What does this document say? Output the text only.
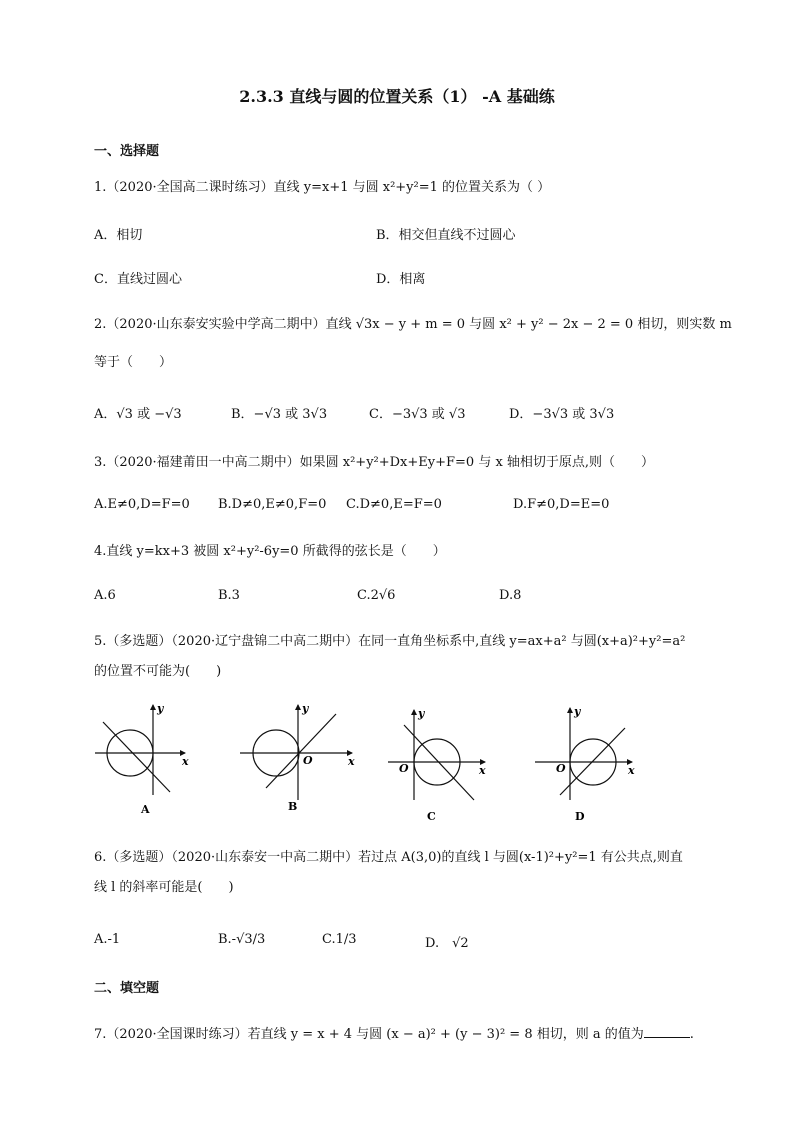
2.3.3 直线与圆的位置关系（1） -A 基础练
一、选择题
1.（2020·全国高二课时练习）直线 y=x+1 与圆 x²+y²=1 的位置关系为（ ）
A．相切	B．相交但直线不过圆心
C．直线过圆心	D．相离
2.（2020·山东泰安实验中学高二期中）直线 √3x − y + m = 0 与圆 x² + y² − 2x − 2 = 0 相切，则实数 m
等于（　　）
A．√3 或 −√3	B．−√3 或 3√3	C．−3√3 或 √3	D．−3√3 或 3√3
3.（2020·福建莆田一中高二期中）如果圆 x²+y²+Dx+Ey+F=0 与 x 轴相切于原点,则（　　）
A.E≠0,D=F=0 B.D≠0,E≠0,F=0 C.D≠0,E=F=0	D.F≠0,D=E=0
4.直线 y=kx+3 被圆 x²+y²-6y=0 所截得的弦长是（　　）
A.6	B.3	C.2√6	D.8
5.（多选题）（2020·辽宁盘锦二中高二期中）在同一直角坐标系中,直线 y=ax+a² 与圆(x+a)²+y²=a²
的位置不可能为(　　)
x
y
A
x
y
O
B
x
y
O
C
x
y
O
D
6.（多选题）（2020·山东泰安一中高二期中）若过点 A(3,0)的直线 l 与圆(x-1)²+y²=1 有公共点,则直
线 l 的斜率可能是(　　)
A.-1	B.-√3/3	C.1/3	D.　√2
二、填空题
7.（2020·全国课时练习）若直线 y = x + 4 与圆 (x − a)² + (y − 3)² = 8 相切，则 a 的值为	.
